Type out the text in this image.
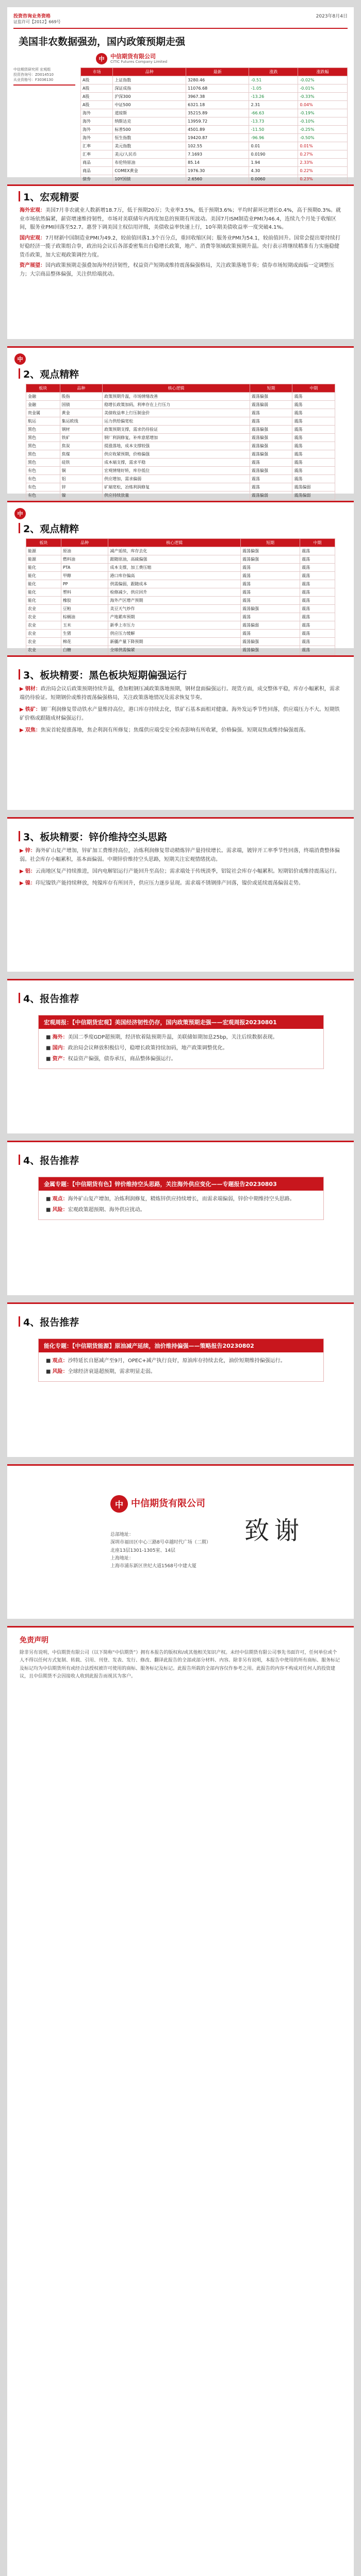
投资咨询业务资格
证监许可【2012】669号
2023年8月4日
美国非农数据强劲，国内政策预期走强
中	中信期货有限公司
CITIC Futures Company Limited
中信期货研究所 宏观组
投资咨询号：Z0014510
从业资格号：F3036130
市场	品种	最新	涨跌	涨跌幅
A股	上证指数	3280.46	-0.51	-0.02%
A股	深证成指	11076.68	-1.05	-0.01%
A股	沪深300	3967.38	-13.26	-0.33%
A股	中证500	6321.18	2.31	0.04%
海外	道琼斯	35215.89	-66.63	-0.19%
海外	纳斯达克	13959.72	-13.73	-0.10%
海外	标普500	4501.89	-11.50	-0.25%
海外	恒生指数	19420.87	-96.96	-0.50%
汇率	美元指数	102.55	0.01	0.01%
汇率	美元/人民币	7.1693	0.0190	0.27%
商品	布伦特原油	85.14	1.94	2.33%
商品	COMEX黄金	1976.30	4.30	0.22%
债券	10Y国债	2.6560	0.0060	0.23%

1、宏观精要

海外宏观：美国7月非农就业人数新增18.7万，低于预期20万；失业率3.5%，低于预期3.6%；平均时薪环比增长0.4%，高于预期0.3%。就业市场依然偏紧，薪资增速维持韧性，市场对美联储年内再度加息的预期有所波动。美国7月ISM制造业PMI为46.4，连续九个月处于收缩区间，服务业PMI回落至52.7。惠誉下调美国主权信用评级，美债收益率快速上行，10年期美债收益率一度突破4.1%。

国内宏观：7月财新中国制造业PMI为49.2，较前值回落1.3个百分点，重回收缩区间；服务业PMI为54.1，较前值回升。国常会提出要持续打好稳经济一揽子政策组合拳，政治局会议后各部委密集出台稳增长政策，地产、消费等领域政策预期升温。央行表示将继续精准有力实施稳健货币政策，加大宏观政策调控力度。

资产展望：国内政策预期走强叠加海外经济韧性，权益资产短期或维持震荡偏强格局，关注政策落地节奏；债券市场短期或面临一定调整压力；大宗商品整体偏强，关注供给端扰动。

中
2、观点精粹
板块	品种	核心逻辑	短期	中期
金融	股指	政策预期升温，市场情绪改善	震荡偏强	震荡
金融	国债	稳增长政策加码，利率存在上行压力	震荡偏弱	震荡
贵金属	黄金	美债收益率上行压制金价	震荡	震荡
航运	集运欧线	运力供给偏宽松	震荡	震荡
黑色	钢材	政策预期支撑，需求仍待验证	震荡偏强	震荡
黑色	铁矿	钢厂利润修复，补库意愿增加	震荡偏强	震荡
黑色	焦炭	提涨落地，成本支撑较强	震荡偏强	震荡
黑色	焦煤	供应收紧预期，价格偏强	震荡偏强	震荡
黑色	硅铁	成本端支撑，需求平稳	震荡	震荡
有色	铜	宏观情绪好转，库存低位	震荡偏强	震荡
有色	铝	供应增加，需求偏弱	震荡	震荡
有色	锌	矿端宽松，冶炼利润修复	震荡	震荡偏弱
有色	镍	供应持续放量	震荡偏弱	震荡偏弱

中
2、观点精粹
板块	品种	核心逻辑	短期	中期
能源	原油	减产延续，库存去化	震荡偏强	震荡
能源	燃料油	跟随原油，高硫偏强	震荡偏强	震荡
能化	PTA	成本支撑，加工费压缩	震荡	震荡
能化	甲醇	港口库存偏高	震荡	震荡
能化	PP	供需偏弱，跟随成本	震荡	震荡
能化	塑料	检修减少，供应回升	震荡	震荡
能化	橡胶	海外产区增产预期	震荡	震荡
农业	豆粕	美豆天气炒作	震荡偏强	震荡
农业	棕榈油	产地累库预期	震荡	震荡
农业	玉米	新季上市压力	震荡偏弱	震荡
农业	生猪	供应压力缓解	震荡	震荡
农业	棉花	新疆产量下降预期	震荡偏强	震荡
农业	白糖	全球供需偏紧	震荡偏强	震荡

3、板块精要：黑色板块短期偏强运行

▶ 钢材：政治局会议后政策预期持续升温，叠加粗钢压减政策落地预期，钢材盘面偏强运行。现货方面，成交整体平稳，库存小幅累积，需求端仍待验证。短期钢价或维持震荡偏强格局，关注政策落地情况及需求恢复节奏。

▶ 铁矿：钢厂利润修复带动铁水产量维持高位，港口库存持续去化，铁矿石基本面相对健康。海外发运季节性回落，供应端压力不大。短期铁矿价格或跟随成材偏强运行。

▶ 双焦：焦炭首轮提涨落地，焦企利润有所修复；焦煤供应端受安全检查影响有所收紧，价格偏强。短期双焦或维持偏强震荡。

3、板块精要：锌价维持空头思路

▶ 锌：海外矿山复产增加，锌矿加工费维持高位，冶炼利润修复带动精炼锌产量持续增长。需求端，镀锌开工率季节性回落，终端消费整体偏弱。社会库存小幅累积，基本面偏弱。中期锌价维持空头思路，短期关注宏观情绪扰动。

▶ 铝：云南地区复产持续推进，国内电解铝运行产能回升至高位；需求端处于传统淡季，铝锭社会库存小幅累积。短期铝价或维持震荡运行。

▶ 镍：印尼镍铁产能持续释放，纯镍库存有所回升，供应压力逐步显现。需求端不锈钢排产回落，镍价或延续震荡偏弱走势。

4、报告推荐
宏观周报：【中信期货宏观】美国经济韧性仍存，国内政策预期走强——宏观周报20230801
■ 海外：美国二季度GDP超预期，经济软着陆预期升温，美联储如期加息25bp，关注后续数据表现。
■ 国内：政治局会议释放积极信号，稳增长政策持续加码，地产政策调整优化。
■ 资产：权益资产偏强，债券承压，商品整体偏强运行。
4、报告推荐
金属专题：【中信期货有色】锌价维持空头思路，关注海外供应变化——专题报告20230803
■ 观点：海外矿山复产增加，冶炼利润修复，精炼锌供应持续增长，而需求端偏弱，锌价中期维持空头思路。
■ 风险：宏观政策超预期、海外供应扰动。
4、报告推荐
能化专题：【中信期货能源】原油减产延续，油价维持偏强——策略报告20230802
■ 观点：沙特延长自愿减产至9月，OPEC+减产执行良好，原油库存持续去化，油价短期维持偏强运行。
■ 风险：全球经济衰退超预期，需求明显走弱。
中 中信期货有限公司
致谢
总部地址：
深圳市福田区中心三路8号卓越时代广场（二期）
北座13层1301-1305室、14层
上海地址：
上海市浦东新区世纪大道1568号中建大厦
免责声明
除非另有说明，中信期货有限公司（以下简称“中信期货”）拥有本报告的版权和/或其他相关知识产权。未经中信期货有限公司事先书面许可，任何单位或个人不得以任何方式复制、转载、引用、刊登、发表、发行、修改、翻译此报告的全部或部分材料、内容。除非另有说明，本报告中使用的所有商标、服务标记及标记均为中信期货所有或经合法授权被许可使用的商标、服务标记及标记。此报告所载的全部内容仅作参考之用。此报告的内容不构成对任何人的投资建议，且中信期货不会因接收人收到此报告而视其为客户。
